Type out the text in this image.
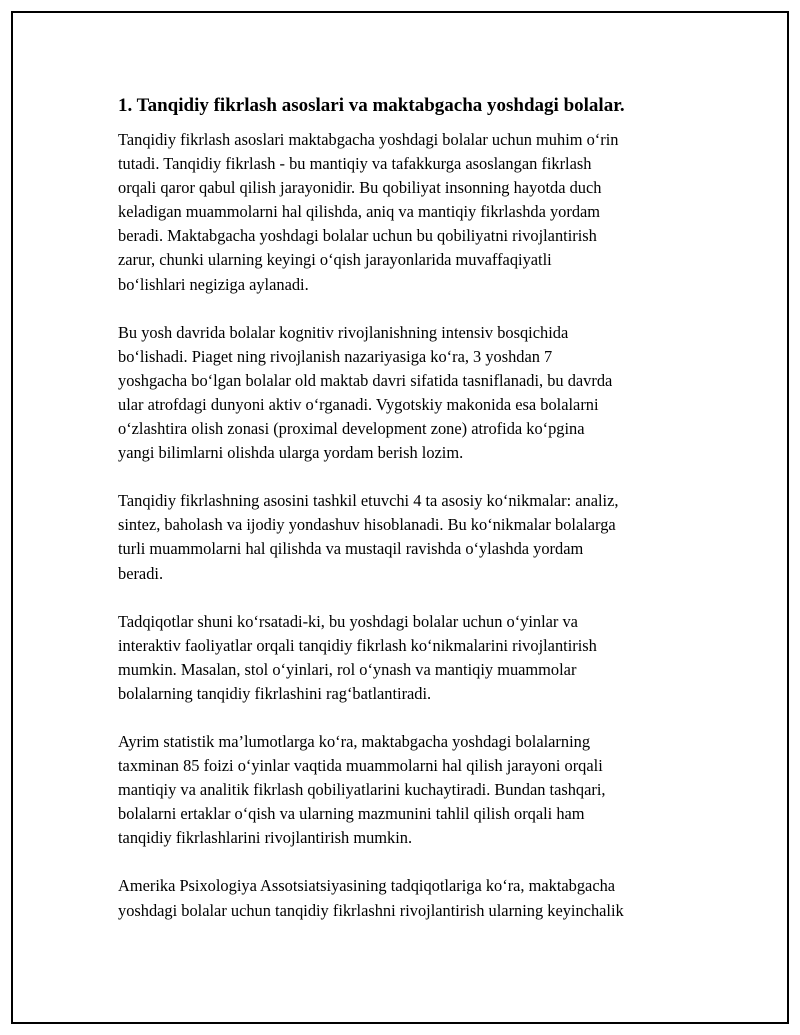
1. Tanqidiy fikrlash asoslari va maktabgacha yoshdagi bolalar.
Tanqidiy fikrlash asoslari maktabgacha yoshdagi bolalar uchun muhim o‘rin
tutadi. Tanqidiy fikrlash - bu mantiqiy va tafakkurga asoslangan fikrlash
orqali qaror qabul qilish jarayonidir. Bu qobiliyat insonning hayotda duch
keladigan muammolarni hal qilishda, aniq va mantiqiy fikrlashda yordam
beradi. Maktabgacha yoshdagi bolalar uchun bu qobiliyatni rivojlantirish
zarur, chunki ularning keyingi o‘qish jarayonlarida muvaffaqiyatli
bo‘lishlari negiziga aylanadi.
Bu yosh davrida bolalar kognitiv rivojlanishning intensiv bosqichida
bo‘lishadi. Piaget ning rivojlanish nazariyasiga ko‘ra, 3 yoshdan 7
yoshgacha bo‘lgan bolalar old maktab davri sifatida tasniflanadi, bu davrda
ular atrofdagi dunyoni aktiv o‘rganadi. Vygotskiy makonida esa bolalarni
o‘zlashtira olish zonasi (proximal development zone) atrofida ko‘pgina
yangi bilimlarni olishda ularga yordam berish lozim.
Tanqidiy fikrlashning asosini tashkil etuvchi 4 ta asosiy ko‘nikmalar: analiz,
sintez, baholash va ijodiy yondashuv hisoblanadi. Bu ko‘nikmalar bolalarga
turli muammolarni hal qilishda va mustaqil ravishda o‘ylashda yordam
beradi.
Tadqiqotlar shuni ko‘rsatadi-ki, bu yoshdagi bolalar uchun o‘yinlar va
interaktiv faoliyatlar orqali tanqidiy fikrlash ko‘nikmalarini rivojlantirish
mumkin. Masalan, stol o‘yinlari, rol o‘ynash va mantiqiy muammolar
bolalarning tanqidiy fikrlashini rag‘batlantiradi.
Ayrim statistik ma’lumotlarga ko‘ra, maktabgacha yoshdagi bolalarning
taxminan 85 foizi o‘yinlar vaqtida muammolarni hal qilish jarayoni orqali
mantiqiy va analitik fikrlash qobiliyatlarini kuchaytiradi. Bundan tashqari,
bolalarni ertaklar o‘qish va ularning mazmunini tahlil qilish orqali ham
tanqidiy fikrlashlarini rivojlantirish mumkin.
Amerika Psixologiya Assotsiatsiyasining tadqiqotlariga ko‘ra, maktabgacha
yoshdagi bolalar uchun tanqidiy fikrlashni rivojlantirish ularning keyinchalik
